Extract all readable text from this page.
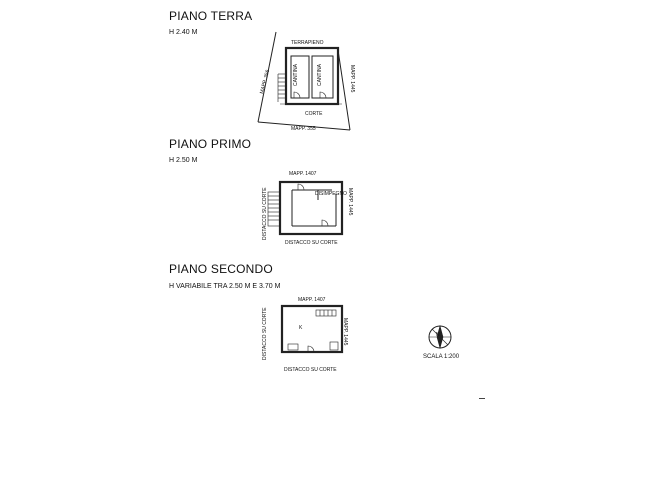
PIANO TERRA
H 2.40 M
TERRAPIENO
CANTINA	CANTINA	MAPP. 1445
MAPP. 356
CORTE
MAPP. 355
PIANO PRIMO
H 2.50 M
MAPP. 1407
DISIMPEGNO
DISTACCO SU CORTE	MAPP. 1445
DISTACCO SU CORTE
PIANO SECONDO
H VARIABILE TRA 2.50 M E 3.70 M
MAPP. 1407
K
DISTACCO SU CORTE	MAPP. 1445
DISTACCO SU CORTE
N
SCALA 1:200
